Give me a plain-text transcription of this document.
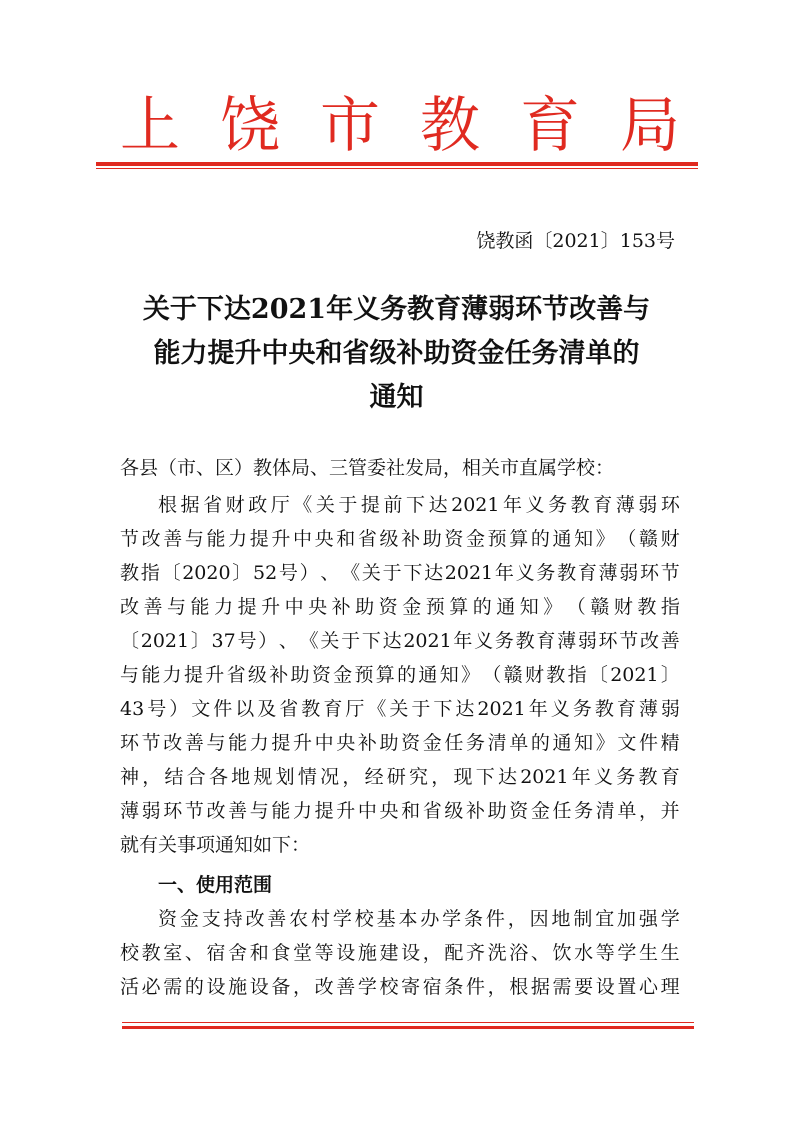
上 饶 市 教 育 局
饶教函〔2021〕153号
关于下达2021年义务教育薄弱环节改善与
能力提升中央和省级补助资金任务清单的
通知
各县（市、区）教体局、三管委社发局，相关市直属学校：
根 据 省 财 政 厅 《 关 于 提 前 下 达 2021 年 义 务 教 育 薄 弱 环
节 改 善 与 能 力 提 升 中 央 和 省 级 补 助 资 金 预 算 的 通 知 》 （ 赣 财
教 指 〔 2020 〕 52 号 ） 、 《 关 于 下 达 2021 年 义 务 教 育 薄 弱 环 节
改 善 与 能 力 提 升 中 央 补 助 资 金 预 算 的 通 知 》 （ 赣 财 教 指
〔 2021 〕 37 号 ） 、 《 关 于 下 达 2021 年 义 务 教 育 薄 弱 环 节 改 善
与 能 力 提 升 省 级 补 助 资 金 预 算 的 通 知 》 （ 赣 财 教 指 〔 2021 〕
43 号 ） 文 件 以 及 省 教 育 厅 《 关 于 下 达 2021 年 义 务 教 育 薄 弱
环 节 改 善 与 能 力 提 升 中 央 补 助 资 金 任 务 清 单 的 通 知 》 文 件 精
神 ， 结 合 各 地 规 划 情 况 ， 经 研 究 ， 现 下 达 2021 年 义 务 教 育
薄 弱 环 节 改 善 与 能 力 提 升 中 央 和 省 级 补 助 资 金 任 务 清 单 ， 并
就有关事项通知如下：
一、使用范围
资 金 支 持 改 善 农 村 学 校 基 本 办 学 条 件 ， 因 地 制 宜 加 强 学
校 教 室 、 宿 舍 和 食 堂 等 设 施 建 设 ， 配 齐 洗 浴 、 饮 水 等 学 生 生
活 必 需 的 设 施 设 备 ， 改 善 学 校 寄 宿 条 件 ， 根 据 需 要 设 置 心 理
